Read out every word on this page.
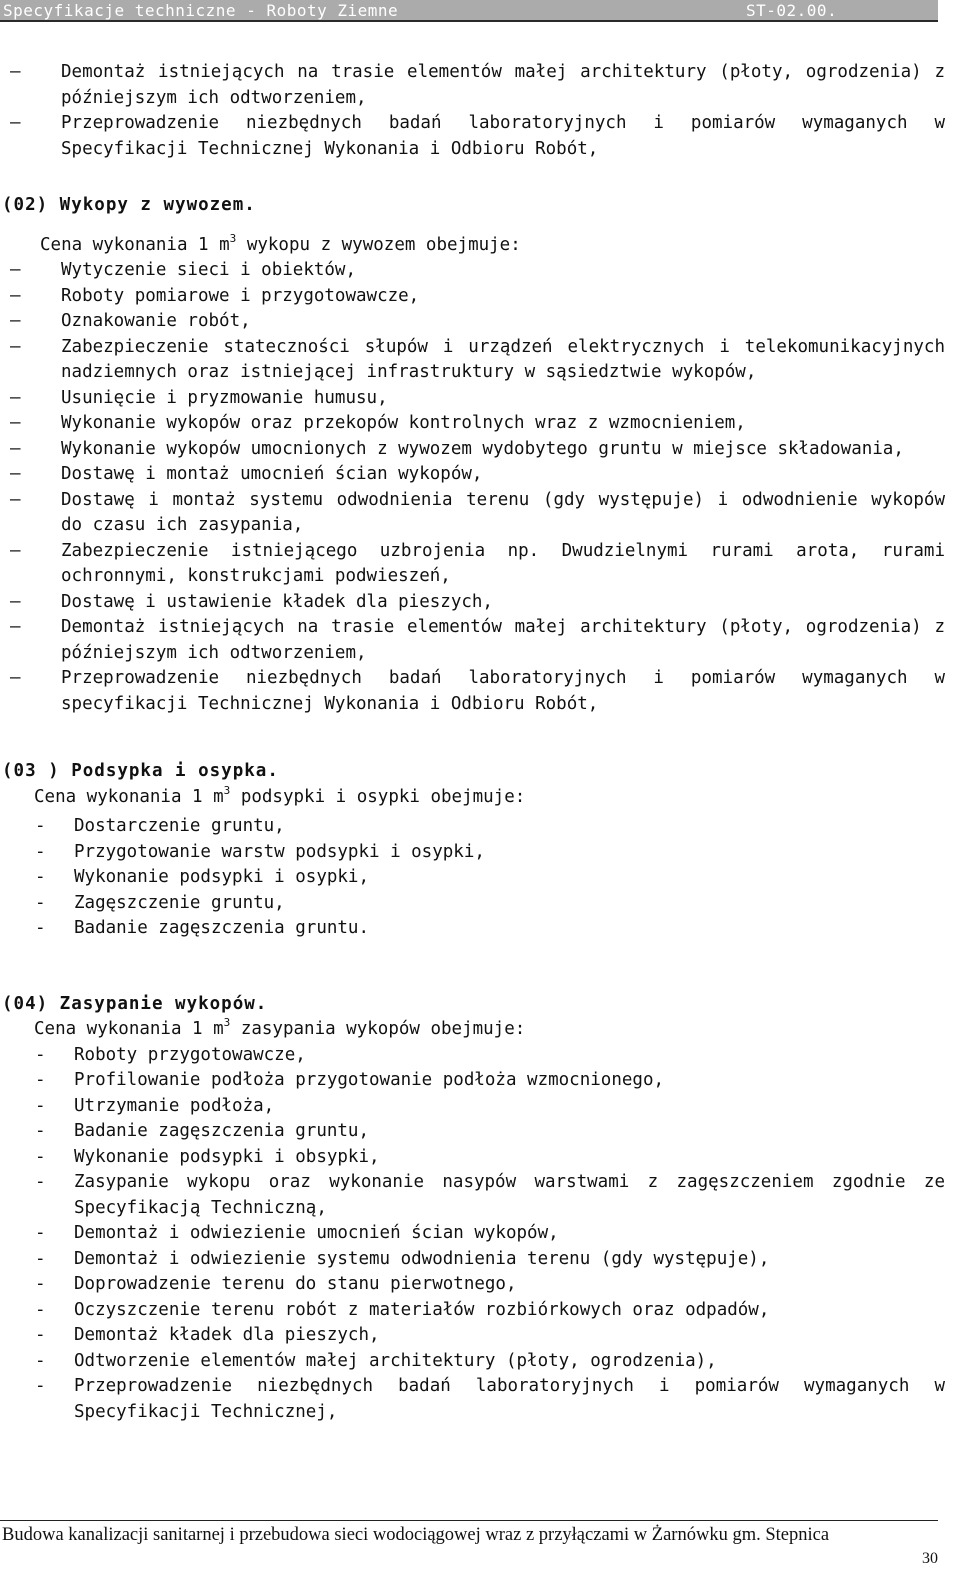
Specyfikacje techniczne - Roboty Ziemne	ST-02.00.

— Demontaż istniejących na trasie elementów małej architektury (płoty, ogrodzenia) z późniejszym ich odtworzeniem,

— Przeprowadzenie niezbędnych badań laboratoryjnych i pomiarów wymaganych w Specyfikacji Technicznej Wykonania i Odbioru Robót,

(02) Wykopy z wywozem.

Cena wykonania 1 $m^3$ wykopu z wywozem obejmuje:

— Wytyczenie sieci i obiektów,

— Roboty pomiarowe i przygotowawcze,

— Oznakowanie robót,

— Zabezpieczenie stateczności słupów i urządzeń elektrycznych i telekomunikacyjnych nadziemnych oraz istniejącej infrastruktury w sąsiedztwie wykopów,

— Usunięcie i pryzmowanie humusu,

— Wykonanie wykopów oraz przekopów kontrolnych wraz z wzmocnieniem,

— Wykonanie wykopów umocnionych z wywozem wydobytego gruntu w miejsce składowania,

— Dostawę i montaż umocnień ścian wykopów,

— Dostawę i montaż systemu odwodnienia terenu (gdy występuje) i odwodnienie wykopów do czasu ich zasypania,

— Zabezpieczenie istniejącego uzbrojenia np. Dwudzielnymi rurami arota, rurami ochronnymi, konstrukcjami podwieszeń,

— Dostawę i ustawienie kładek dla pieszych,

— Demontaż istniejących na trasie elementów małej architektury (płoty, ogrodzenia) z późniejszym ich odtworzeniem,

— Przeprowadzenie niezbędnych badań laboratoryjnych i pomiarów wymaganych w specyfikacji Technicznej Wykonania i Odbioru Robót,

(03 ) Podsypka i osypka.

Cena wykonania 1 $m^3$ podsypki i osypki obejmuje:

- Dostarczenie gruntu,

- Przygotowanie warstw podsypki i osypki,

- Wykonanie podsypki i osypki,

- Zagęszczenie gruntu,

- Badanie zagęszczenia gruntu.

(04) Zasypanie wykopów.

Cena wykonania 1 $m^3$ zasypania wykopów obejmuje:

- Roboty przygotowawcze,

- Profilowanie podłoża przygotowanie podłoża wzmocnionego,

- Utrzymanie podłoża,

- Badanie zagęszczenia gruntu,

- Wykonanie podsypki i obsypki,

- Zasypanie wykopu oraz wykonanie nasypów warstwami z zagęszczeniem zgodnie ze Specyfikacją Techniczną,

- Demontaż i odwiezienie umocnień ścian wykopów,

- Demontaż i odwiezienie systemu odwodnienia terenu (gdy występuje),

- Doprowadzenie terenu do stanu pierwotnego,

- Oczyszczenie terenu robót z materiałów rozbiórkowych oraz odpadów,

- Demontaż kładek dla pieszych,

- Odtworzenie elementów małej architektury (płoty, ogrodzenia),

- Przeprowadzenie niezbędnych badań laboratoryjnych i pomiarów wymaganych w Specyfikacji Technicznej,

Budowa kanalizacji sanitarnej i przebudowa sieci wodociągowej wraz z przyłączami w Żarnówku gm. Stepnica
30
